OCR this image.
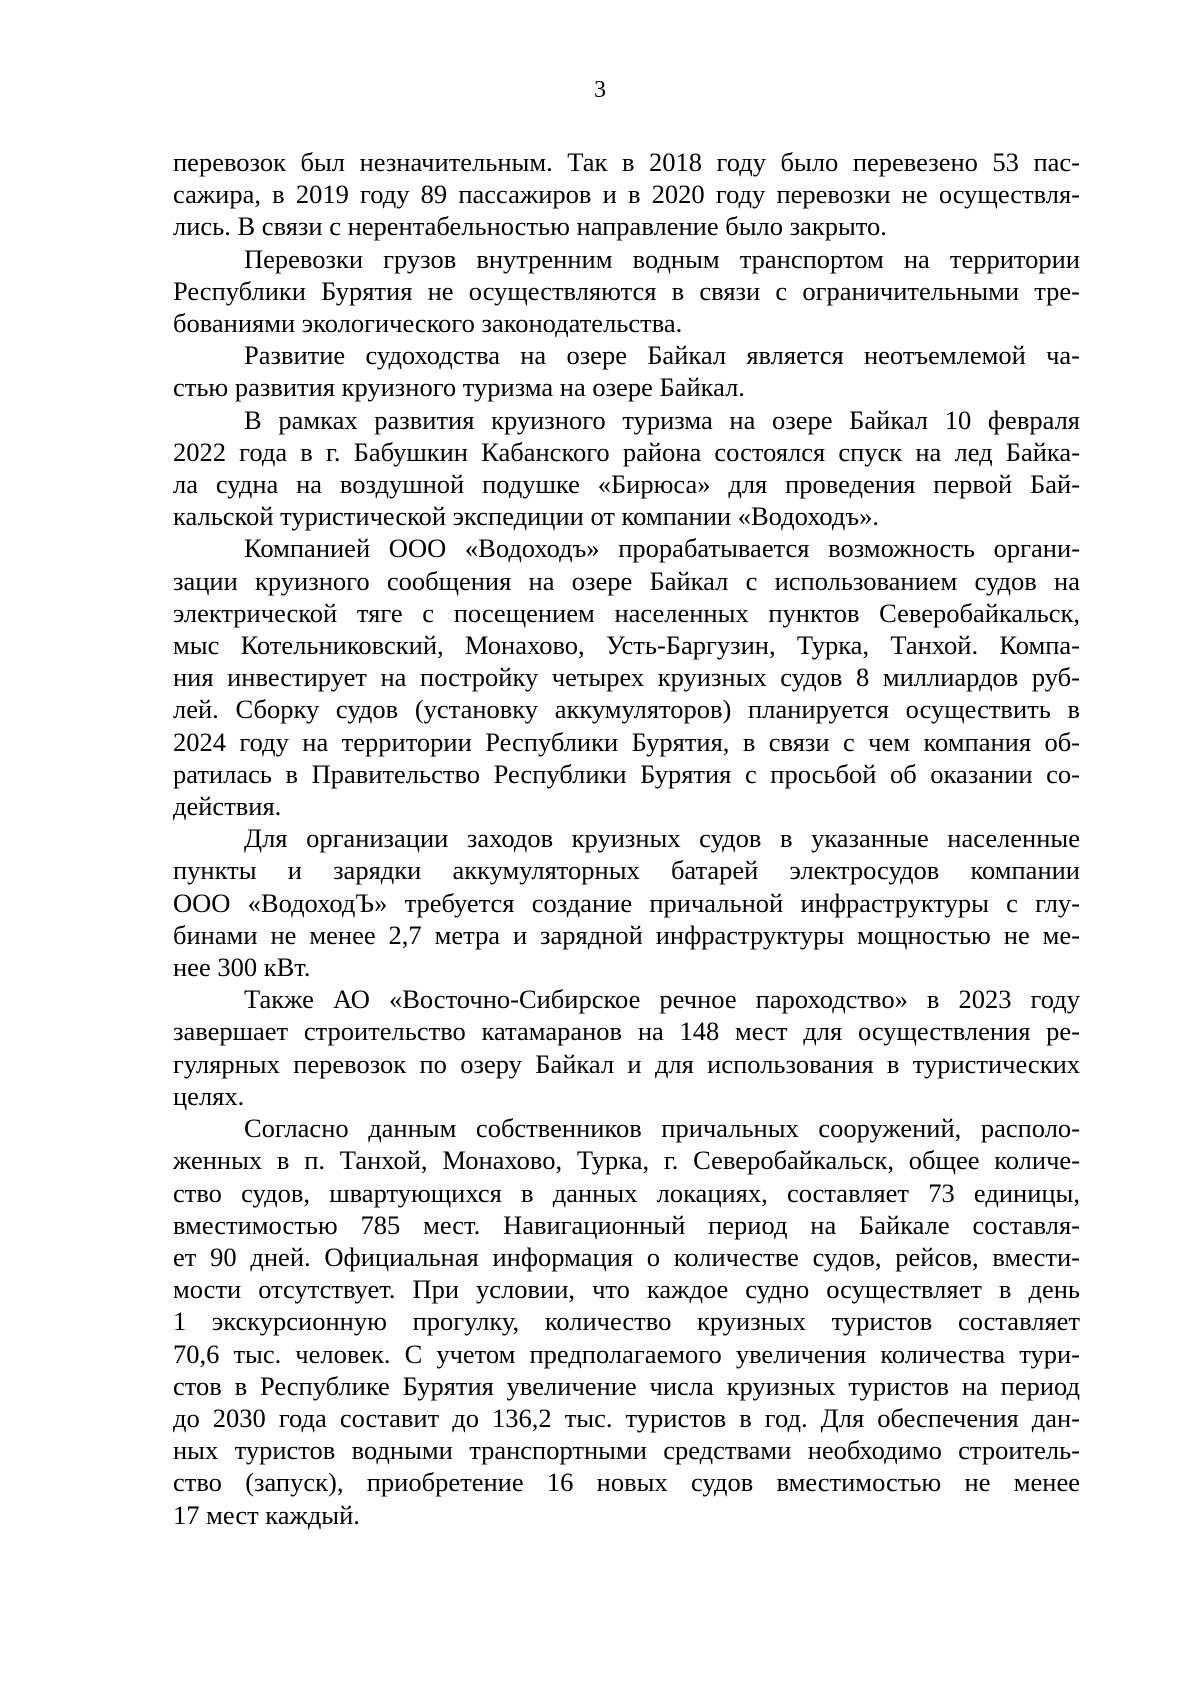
3
перевозок был незначительным. Так в 2018 году было перевезено 53 пас-
сажира, в 2019 году 89 пассажиров и в 2020 году перевозки не осуществля-
лись. В связи с нерентабельностью направление было закрыто.
Перевозки грузов внутренним водным транспортом на территории
Республики Бурятия не осуществляются в связи с ограничительными тре-
бованиями экологического законодательства.
Развитие судоходства на озере Байкал является неотъемлемой ча-
стью развития круизного туризма на озере Байкал.
В рамках развития круизного туризма на озере Байкал 10 февраля
2022 года в г. Бабушкин Кабанского района состоялся спуск на лед Байка-
ла судна на воздушной подушке «Бирюса» для проведения первой Бай-
кальской туристической экспедиции от компании «Водоходъ».
Компанией ООО «Водоходъ» прорабатывается возможность органи-
зации круизного сообщения на озере Байкал с использованием судов на
электрической тяге с посещением населенных пунктов Северобайкальск,
мыс Котельниковский, Монахово, Усть-Баргузин, Турка, Танхой. Компа-
ния инвестирует на постройку четырех круизных судов 8 миллиардов руб-
лей. Сборку судов (установку аккумуляторов) планируется осуществить в
2024 году на территории Республики Бурятия, в связи с чем компания об-
ратилась в Правительство Республики Бурятия с просьбой об оказании со-
действия.
Для организации заходов круизных судов в указанные населенные
пункты и зарядки аккумуляторных батарей электросудов компании
ООО «ВодоходЪ» требуется создание причальной инфраструктуры с глу-
бинами не менее 2,7 метра и зарядной инфраструктуры мощностью не ме-
нее 300 кВт.
Также АО «Восточно-Сибирское речное пароходство» в 2023 году
завершает строительство катамаранов на 148 мест для осуществления ре-
гулярных перевозок по озеру Байкал и для использования в туристических
целях.
Согласно данным собственников причальных сооружений, располо-
женных в п. Танхой, Монахово, Турка, г. Северобайкальск, общее количе-
ство судов, швартующихся в данных локациях, составляет 73 единицы,
вместимостью 785 мест. Навигационный период на Байкале составля-
ет 90 дней. Официальная информация о количестве судов, рейсов, вмести-
мости отсутствует. При условии, что каждое судно осуществляет в день
1 экскурсионную прогулку, количество круизных туристов составляет
70,6 тыс. человек. С учетом предполагаемого увеличения количества тури-
стов в Республике Бурятия увеличение числа круизных туристов на период
до 2030 года составит до 136,2 тыс. туристов в год. Для обеспечения дан-
ных туристов водными транспортными средствами необходимо строитель-
ство (запуск), приобретение 16 новых судов вместимостью не менее
17 мест каждый.
